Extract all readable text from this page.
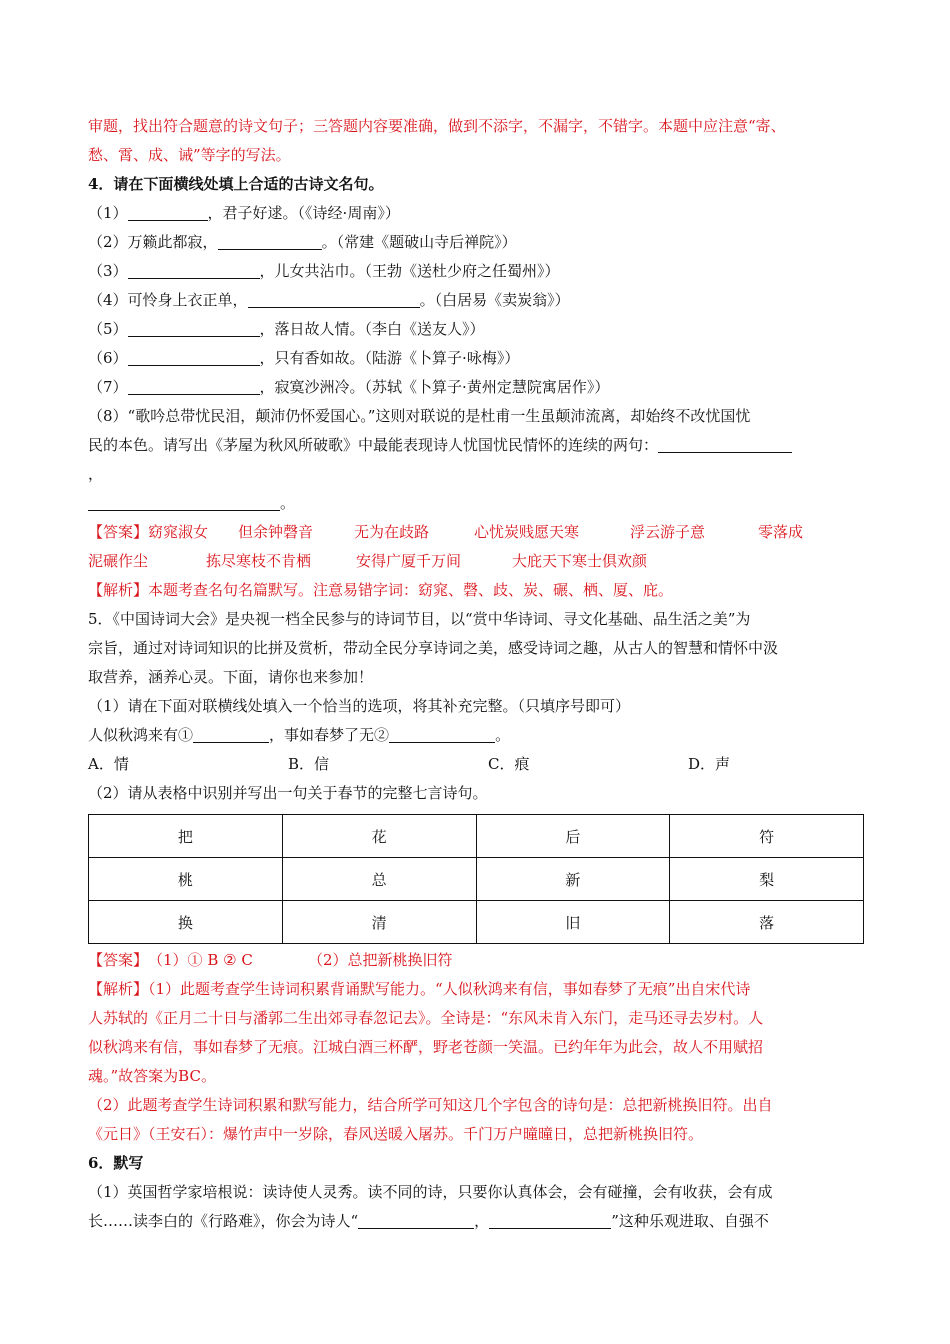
审题，找出符合题意的诗文句子；三答题内容要准确，做到不添字，不漏字，不错字。本题中应注意“寄、
愁、霄、成、诫”等字的写法。
4．请在下面横线处填上合适的古诗文名句。
（1）	，君子好逑。（《诗经·周南》）
（2）万籁此都寂，	。（常建《题破山寺后禅院》）
（3）	，儿女共沾巾。（王勃《送杜少府之任蜀州》）
（4）可怜身上衣正单，	。（白居易《卖炭翁》）
（5）	，落日故人情。（李白《送友人》）
（6）	，只有香如故。（陆游《卜算子·咏梅》）
（7）	，寂寞沙洲冷。（苏轼《卜算子·黄州定慧院寓居作》）
（8）“歌吟总带忧民泪，颠沛仍怀爱国心。”这则对联说的是杜甫一生虽颠沛流离，却始终不改忧国忧
民的本色。请写出《茅屋为秋风所破歌》中最能表现诗人忧国忧民情怀的连续的两句：
，
。
【答案】窈窕淑女 但余钟磬音	无为在歧路	心忧炭贱愿天寒	浮云游子意	零落成
泥碾作尘	拣尽寒枝不肯栖	安得广厦千万间	大庇天下寒士俱欢颜
【解析】本题考查名句名篇默写。注意易错字词：窈窕、磬、歧、炭、碾、栖、厦、庇。
5．《中国诗词大会》是央视一档全民参与的诗词节目，以“赏中华诗词、寻文化基础、品生活之美”为
宗旨，通过对诗词知识的比拼及赏析，带动全民分享诗词之美，感受诗词之趣，从古人的智慧和情怀中汲
取营养，涵养心灵。下面，请你也来参加！
（1）请在下面对联横线处填入一个恰当的选项，将其补充完整。（只填序号即可）
人似秋鸿来有①	，事如春梦了无②	。
A．情	B．信	C．痕	D．声
（2）请从表格中识别并写出一句关于春节的完整七言诗句。
把	花	后	符
桃	总	新	梨
换	清	旧	落
【答案】（1）① B ② C	（2）总把新桃换旧符
【解析】（1）此题考查学生诗词积累背诵默写能力。“人似秋鸿来有信，事如春梦了无痕”出自宋代诗
人苏轼的《正月二十日与潘郭二生出郊寻春忽记去》。全诗是：“东风未肯入东门，走马还寻去岁村。人
似秋鸿来有信，事如春梦了无痕。江城白酒三杯酽，野老苍颜一笑温。已约年年为此会，故人不用赋招
魂。”故答案为BC。
（2）此题考查学生诗词积累和默写能力，结合所学可知这几个字包含的诗句是：总把新桃换旧符。出自
《元日》（王安石）：爆竹声中一岁除，春风送暖入屠苏。千门万户曈曈日，总把新桃换旧符。
6．默写
（1）英国哲学家培根说：读诗使人灵秀。读不同的诗，只要你认真体会，会有碰撞，会有收获，会有成
长……读李白的《行路难》，你会为诗人“	，	”这种乐观进取、自强不
